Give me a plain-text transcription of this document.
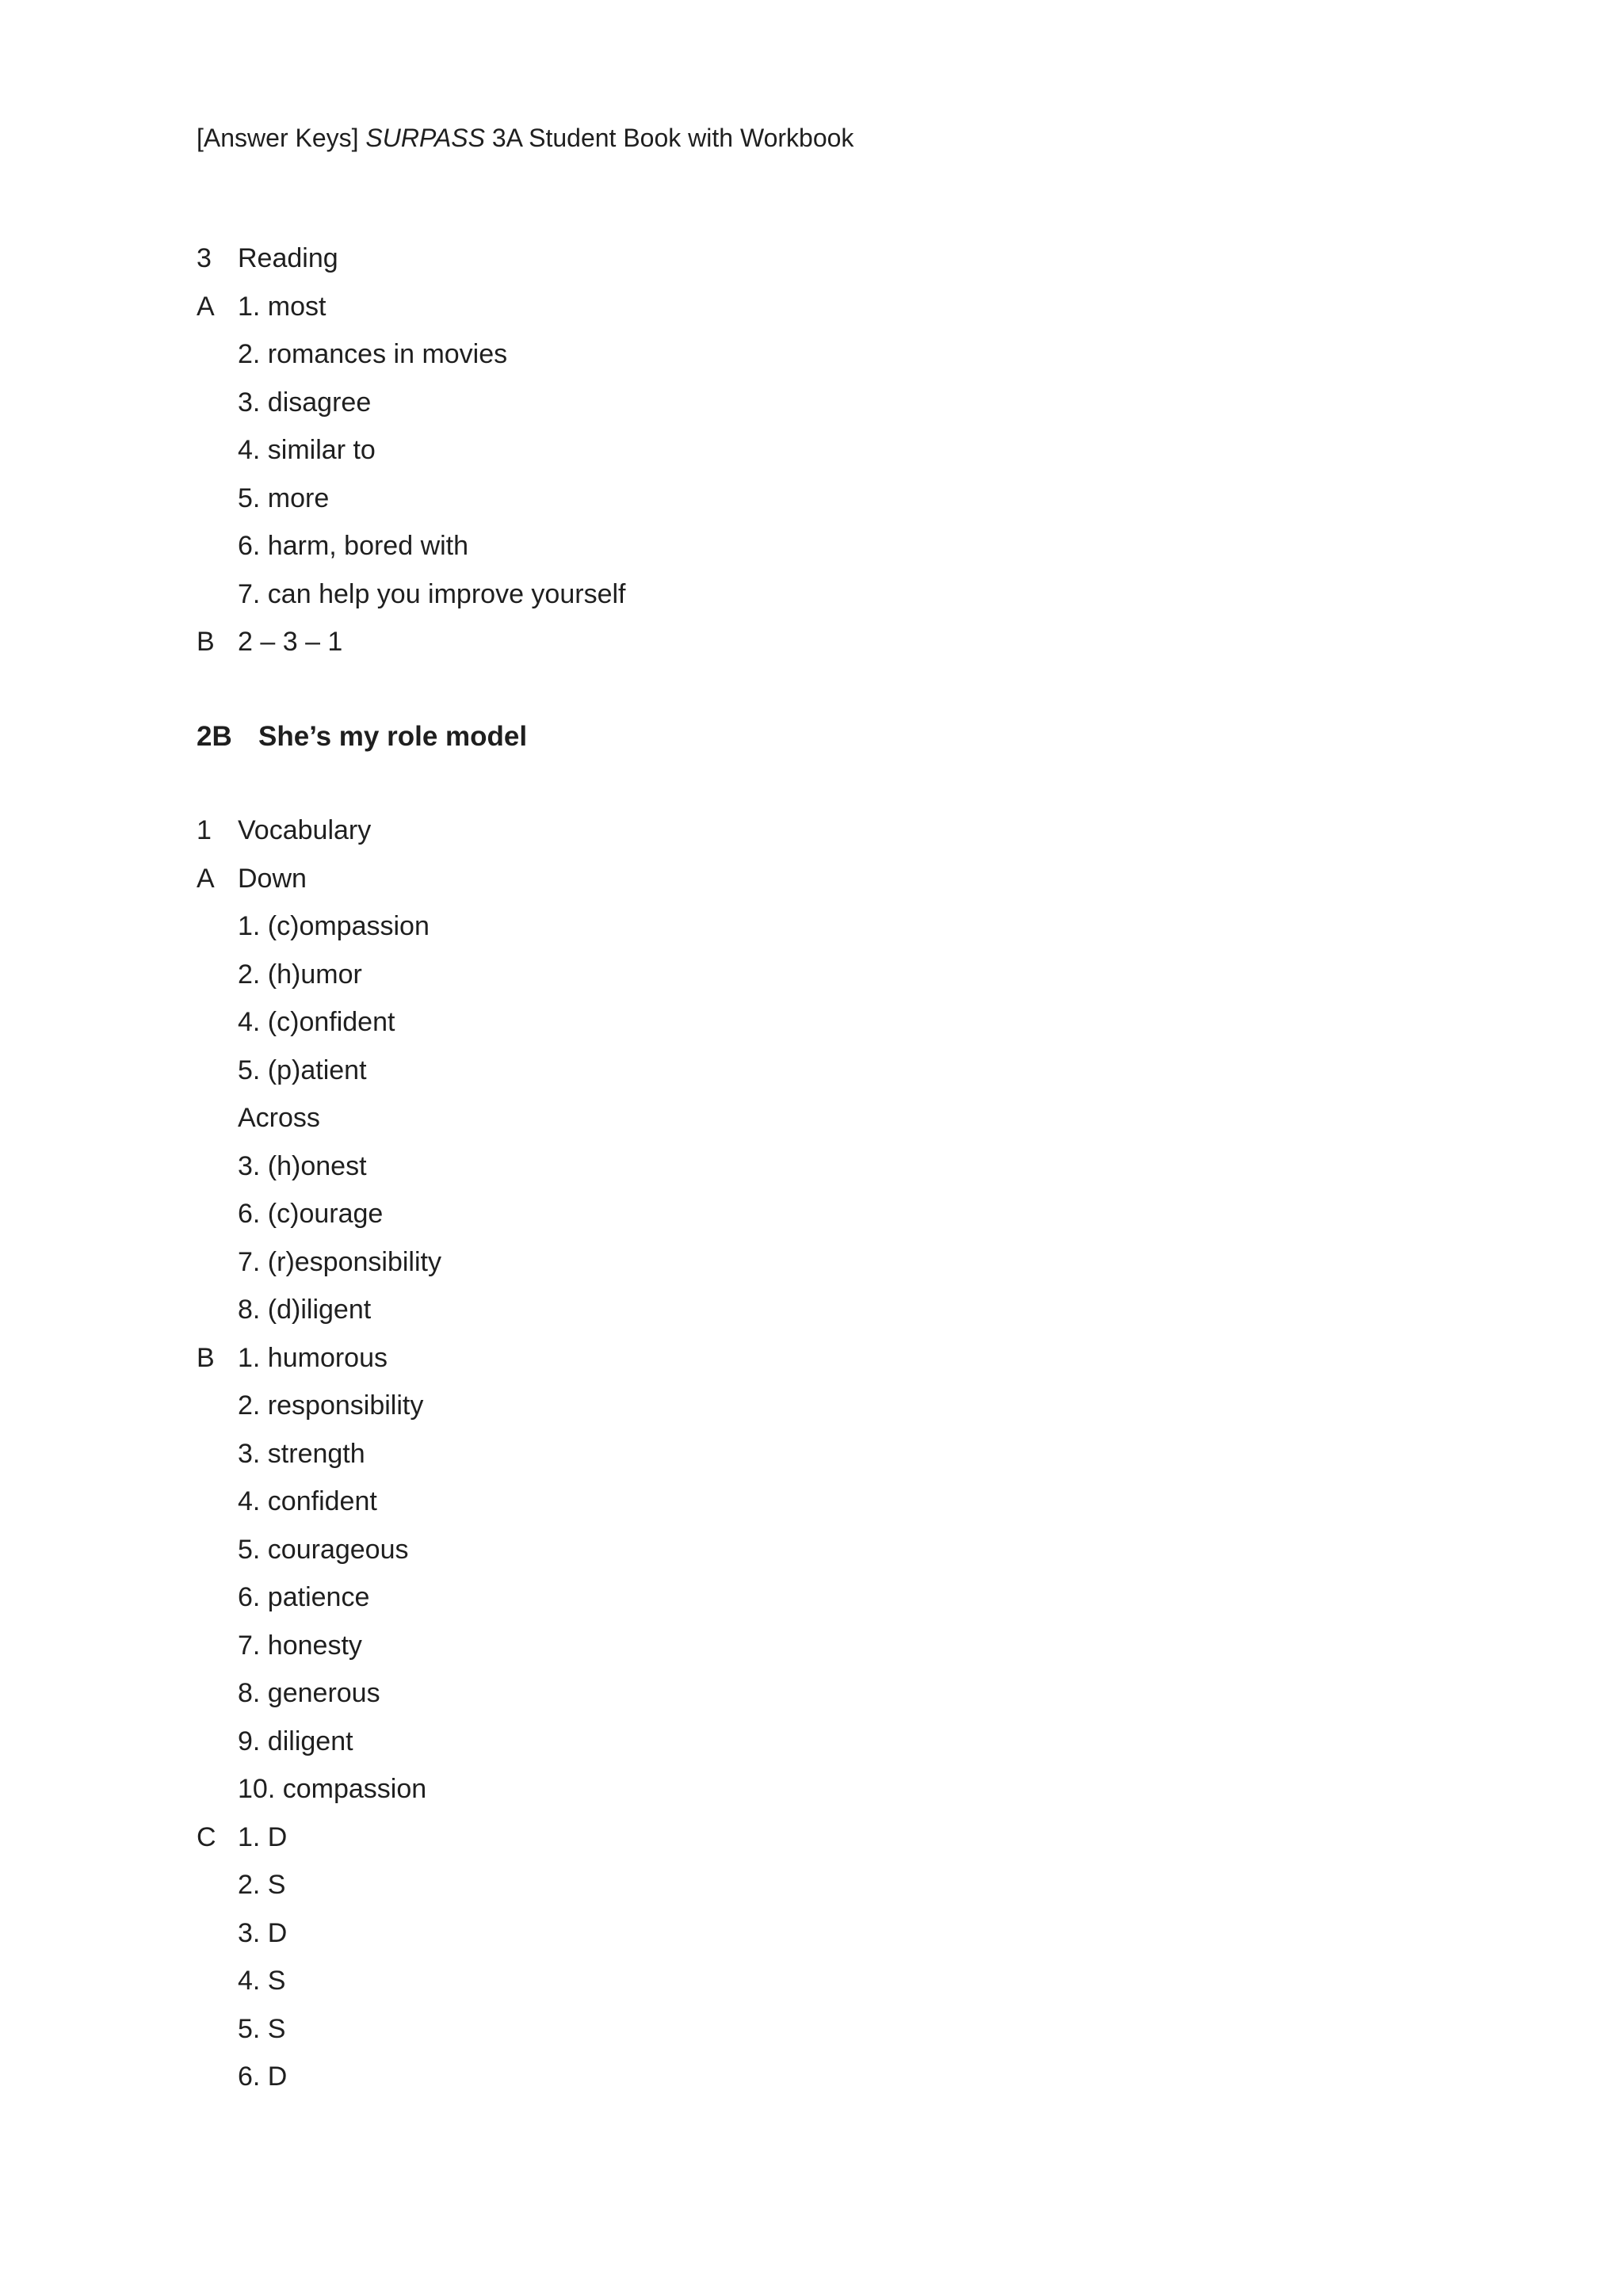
[Answer Keys] SURPASS 3A Student Book with Workbook
3 Reading
A 1. most
2. romances in movies
3. disagree
4. similar to
5. more
6. harm, bored with
7. can help you improve yourself
B 2 – 3 – 1
2B She’s my role model
1 Vocabulary
A Down
1. (c)ompassion
2. (h)umor
4. (c)onfident
5. (p)atient
Across
3. (h)onest
6. (c)ourage
7. (r)esponsibility
8. (d)iligent
B 1. humorous
2. responsibility
3. strength
4. confident
5. courageous
6. patience
7. honesty
8. generous
9. diligent
10. compassion
C 1. D
2. S
3. D
4. S
5. S
6. D
